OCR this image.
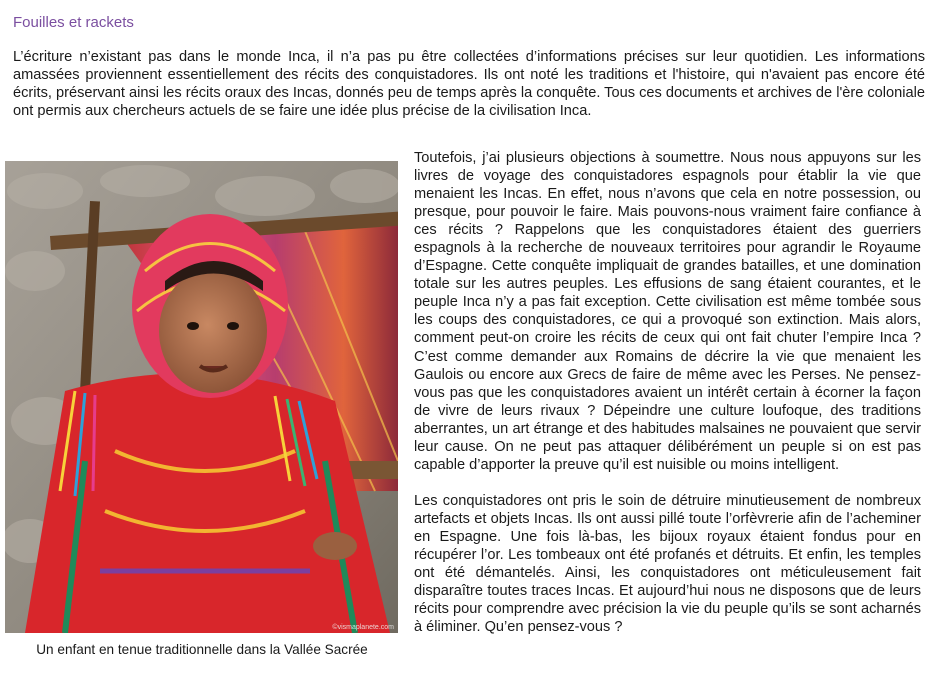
Fouilles et rackets

L’écriture n’existant pas dans le monde Inca, il n’a pas pu être collectées d’informations précises sur leur quotidien. Les informations amassées proviennent essentiellement des récits des conquistadores. Ils ont noté les traditions et l'histoire, qui n'avaient pas encore été écrits, préservant ainsi les récits oraux des Incas, donnés peu de temps après la conquête. Tous ces documents et archives de l'ère coloniale ont permis aux chercheurs actuels de se faire une idée plus précise de la civilisation Inca.

©vismaplanete.com
Un enfant en tenue traditionnelle dans la Vallée Sacrée

Toutefois, j’ai plusieurs objections à soumettre. Nous nous appuyons sur les livres de voyage des conquistadores espagnols pour établir la vie que menaient les Incas. En effet, nous n’avons que cela en notre possession, ou presque, pour pouvoir le faire. Mais pouvons-nous vraiment faire confiance à ces récits ? Rappelons que les conquistadores étaient des guerriers espagnols à la recherche de nouveaux territoires pour agrandir le Royaume d’Espagne. Cette conquête impliquait de grandes batailles, et une domination totale sur les autres peuples. Les effusions de sang étaient courantes, et le peuple Inca n’y a pas fait exception. Cette civilisation est même tombée sous les coups des conquistadores, ce qui a provoqué son extinction. Mais alors, comment peut-on croire les récits de ceux qui ont fait chuter l’empire Inca ? C’est comme demander aux Romains de décrire la vie que menaient les Gaulois ou encore aux Grecs de faire de même avec les Perses. Ne pensez-vous pas que les conquistadores avaient un intérêt certain à écorner la façon de vivre de leurs rivaux ? Dépeindre une culture loufoque, des traditions aberrantes, un art étrange et des habitudes malsaines ne pouvaient que servir leur cause. On ne peut pas attaquer délibérément un peuple si on est pas capable d’apporter la preuve qu’il est nuisible ou moins intelligent.

Les conquistadores ont pris le soin de détruire minutieusement de nombreux artefacts et objets Incas. Ils ont aussi pillé toute l’orfèvrerie afin de l’acheminer en Espagne. Une fois là-bas, les bijoux royaux étaient fondus pour en récupérer l’or. Les tombeaux ont été profanés et détruits. Et enfin, les temples ont été démantelés. Ainsi, les conquistadores ont méticuleusement fait disparaître toutes traces Incas. Et aujourd’hui nous ne disposons que de leurs récits pour comprendre avec précision la vie du peuple qu’ils se sont acharnés à éliminer. Qu’en pensez-vous ?
